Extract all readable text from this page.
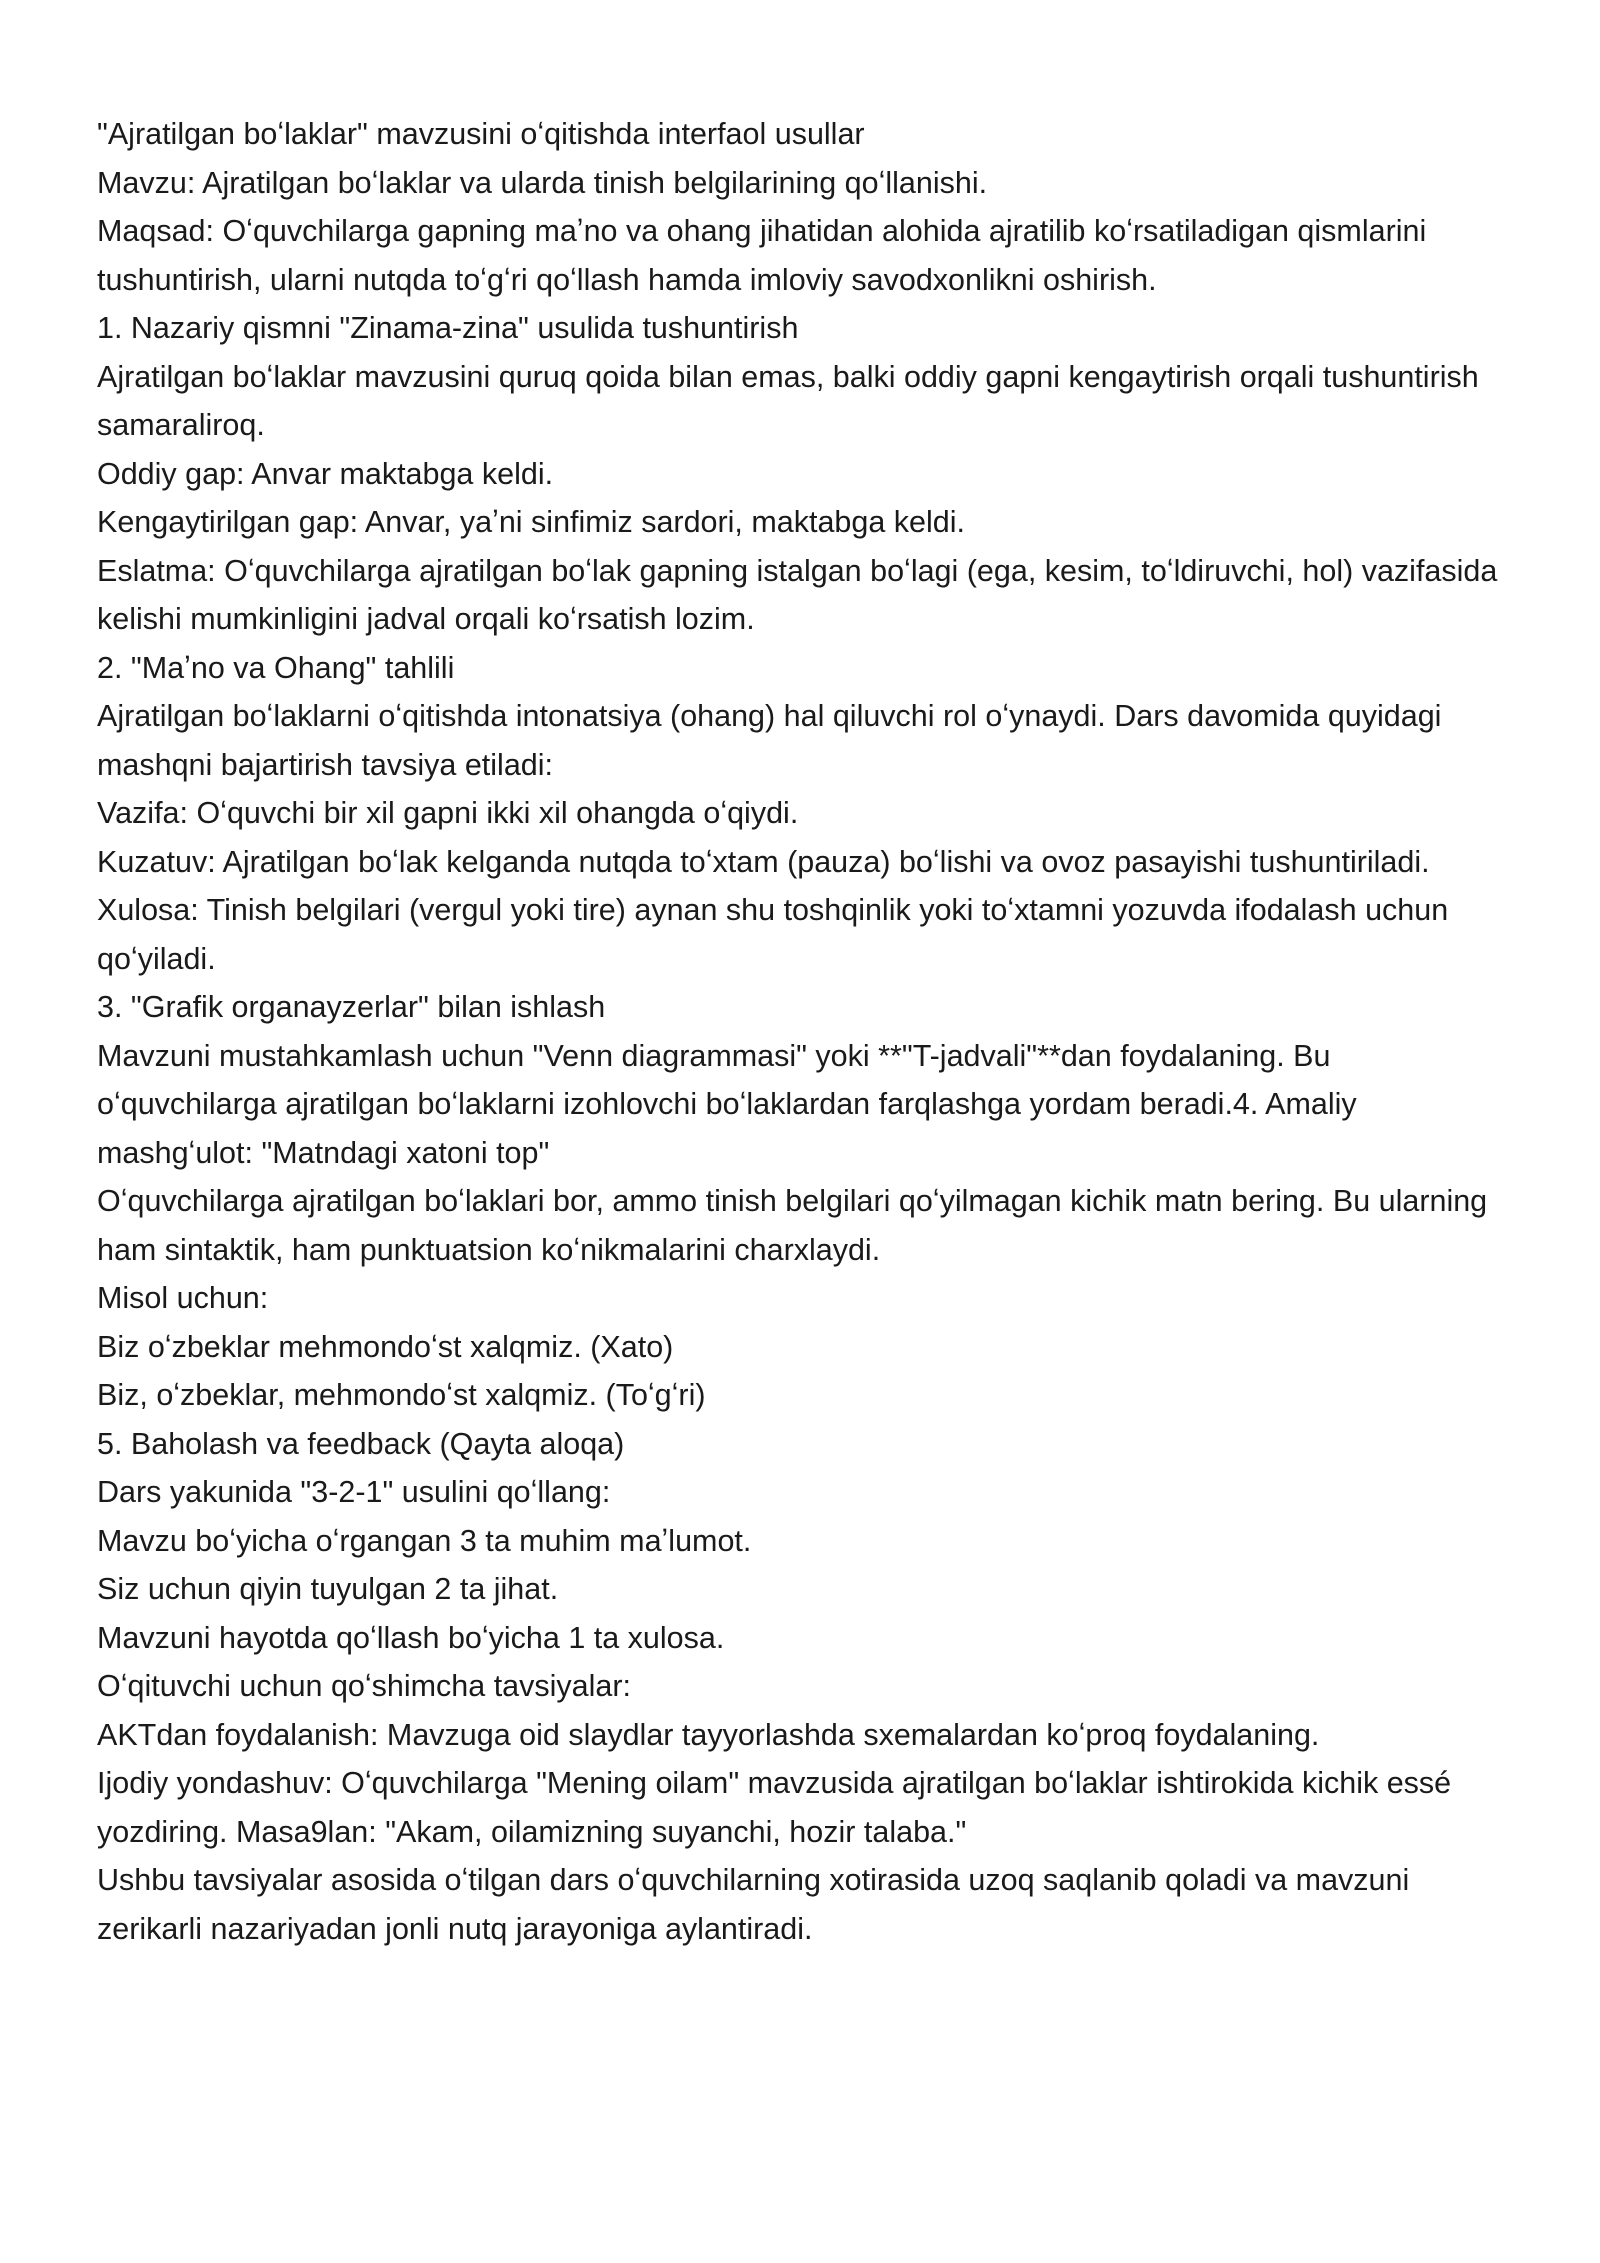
"Ajratilgan boʻlaklar" mavzusini oʻqitishda interfaol usullar

Mavzu: Ajratilgan boʻlaklar va ularda tinish belgilarining qoʻllanishi.

Maqsad: Oʻquvchilarga gapning maʼno va ohang jihatidan alohida ajratilib koʻrsatiladigan qismlarini tushuntirish, ularni nutqda toʻgʻri qoʻllash hamda imloviy savodxonlikni oshirish.

1. Nazariy qismni "Zinama-zina" usulida tushuntirish

Ajratilgan boʻlaklar mavzusini quruq qoida bilan emas, balki oddiy gapni kengaytirish orqali tushuntirish samaraliroq.

Oddiy gap: Anvar maktabga keldi.

Kengaytirilgan gap: Anvar, yaʼni sinfimiz sardori, maktabga keldi.

Eslatma: Oʻquvchilarga ajratilgan boʻlak gapning istalgan boʻlagi (ega, kesim, toʻldiruvchi, hol) vazifasida kelishi mumkinligini jadval orqali koʻrsatish lozim.

2. "Maʼno va Ohang" tahlili

Ajratilgan boʻlaklarni oʻqitishda intonatsiya (ohang) hal qiluvchi rol oʻynaydi. Dars davomida quyidagi mashqni bajartirish tavsiya etiladi:

Vazifa: Oʻquvchi bir xil gapni ikki xil ohangda oʻqiydi.

Kuzatuv: Ajratilgan boʻlak kelganda nutqda toʻxtam (pauza) boʻlishi va ovoz pasayishi tushuntiriladi.

Xulosa: Tinish belgilari (vergul yoki tire) aynan shu toshqinlik yoki toʻxtamni yozuvda ifodalash uchun qoʻyiladi.

3. "Grafik organayzerlar" bilan ishlash

Mavzuni mustahkamlash uchun "Venn diagrammasi" yoki **"T-jadvali"**dan foydalaning. Bu oʻquvchilarga ajratilgan boʻlaklarni izohlovchi boʻlaklardan farqlashga yordam beradi.4. Amaliy mashgʻulot: "Matndagi xatoni top"

Oʻquvchilarga ajratilgan boʻlaklari bor, ammo tinish belgilari qoʻyilmagan kichik matn bering. Bu ularning ham sintaktik, ham punktuatsion koʻnikmalarini charxlaydi.

Misol uchun:

Biz oʻzbeklar mehmondoʻst xalqmiz. (Xato)

Biz, oʻzbeklar, mehmondoʻst xalqmiz. (Toʻgʻri)

5. Baholash va feedback (Qayta aloqa)

Dars yakunida "3-2-1" usulini qoʻllang:

Mavzu boʻyicha oʻrgangan 3 ta muhim maʼlumot.

Siz uchun qiyin tuyulgan 2 ta jihat.

Mavzuni hayotda qoʻllash boʻyicha 1 ta xulosa.

Oʻqituvchi uchun qoʻshimcha tavsiyalar:

AKTdan foydalanish: Mavzuga oid slaydlar tayyorlashda sxemalardan koʻproq foydalaning.

Ijodiy yondashuv: Oʻquvchilarga "Mening oilam" mavzusida ajratilgan boʻlaklar ishtirokida kichik essé yozdiring. Masa9lan: "Akam, oilamizning suyanchi, hozir talaba."

Ushbu tavsiyalar asosida oʻtilgan dars oʻquvchilarning xotirasida uzoq saqlanib qoladi va mavzuni zerikarli nazariyadan jonli nutq jarayoniga aylantiradi.
